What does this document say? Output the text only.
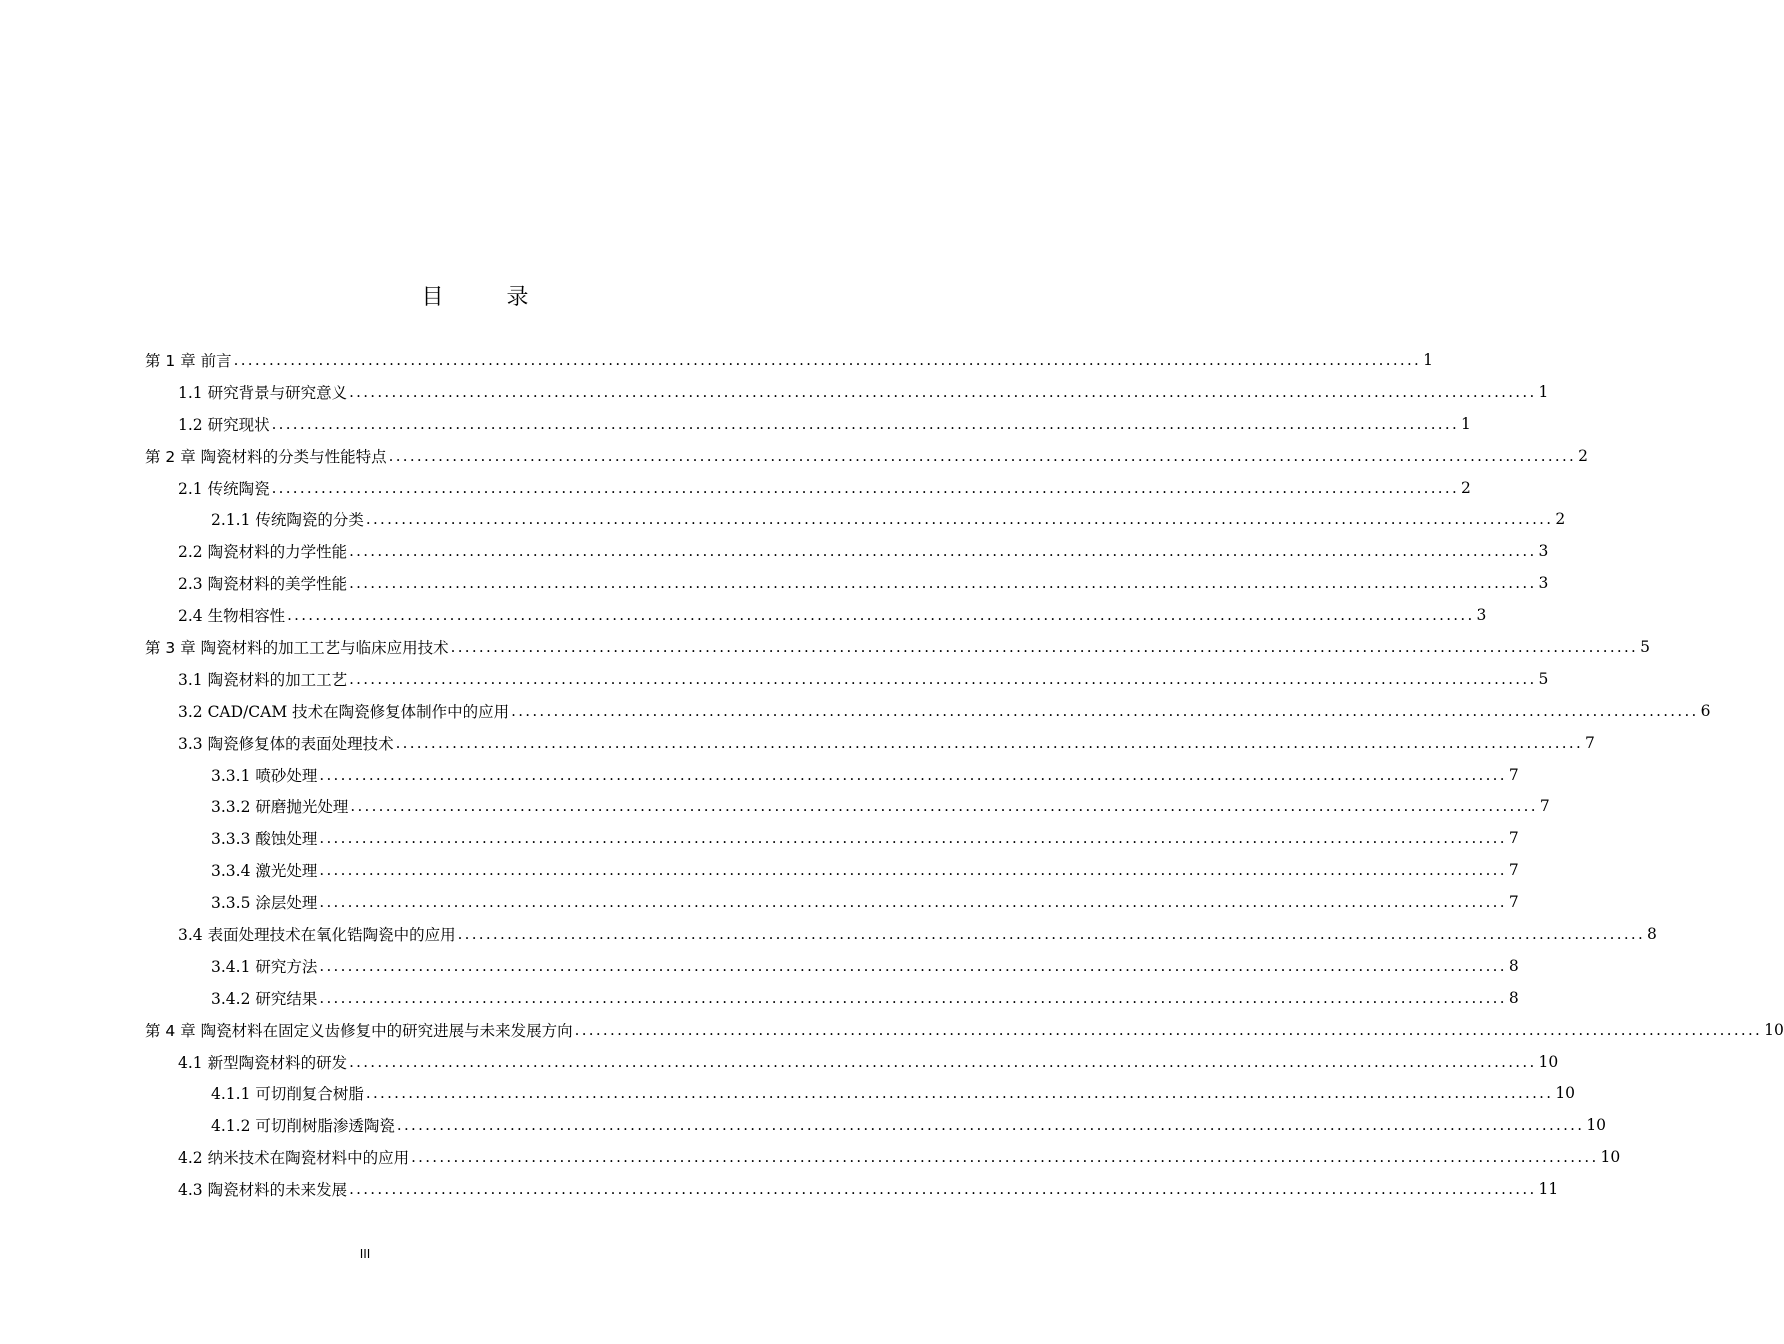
目 录
第 1 章 前言 ........................................................................................................................................................................ 1
1.1 研究背景与研究意义 ........................................................................................................................................................................ 1
1.2 研究现状 ........................................................................................................................................................................ 1
第 2 章 陶瓷材料的分类与性能特点 ........................................................................................................................................................................ 2
2.1 传统陶瓷 ........................................................................................................................................................................ 2
2.1.1 传统陶瓷的分类 ........................................................................................................................................................................ 2
2.2 陶瓷材料的力学性能 ........................................................................................................................................................................ 3
2.3 陶瓷材料的美学性能 ........................................................................................................................................................................ 3
2.4 生物相容性 ........................................................................................................................................................................ 3
第 3 章 陶瓷材料的加工工艺与临床应用技术 ........................................................................................................................................................................ 5
3.1 陶瓷材料的加工工艺 ........................................................................................................................................................................ 5
3.2 CAD/CAM 技术在陶瓷修复体制作中的应用 ........................................................................................................................................................................ 6
3.3 陶瓷修复体的表面处理技术 ........................................................................................................................................................................ 7
3.3.1 喷砂处理 ........................................................................................................................................................................ 7
3.3.2 研磨抛光处理 ........................................................................................................................................................................ 7
3.3.3 酸蚀处理 ........................................................................................................................................................................ 7
3.3.4 激光处理 ........................................................................................................................................................................ 7
3.3.5 涂层处理 ........................................................................................................................................................................ 7
3.4 表面处理技术在氧化锆陶瓷中的应用 ........................................................................................................................................................................ 8
3.4.1 研究方法 ........................................................................................................................................................................ 8
3.4.2 研究结果 ........................................................................................................................................................................ 8
第 4 章 陶瓷材料在固定义齿修复中的研究进展与未来发展方向 ........................................................................................................................................................................ 10
4.1 新型陶瓷材料的研发 ........................................................................................................................................................................ 10
4.1.1 可切削复合树脂 ........................................................................................................................................................................ 10
4.1.2 可切削树脂渗透陶瓷 ........................................................................................................................................................................ 10
4.2 纳米技术在陶瓷材料中的应用 ........................................................................................................................................................................ 10
4.3 陶瓷材料的未来发展 ........................................................................................................................................................................ 11
III
